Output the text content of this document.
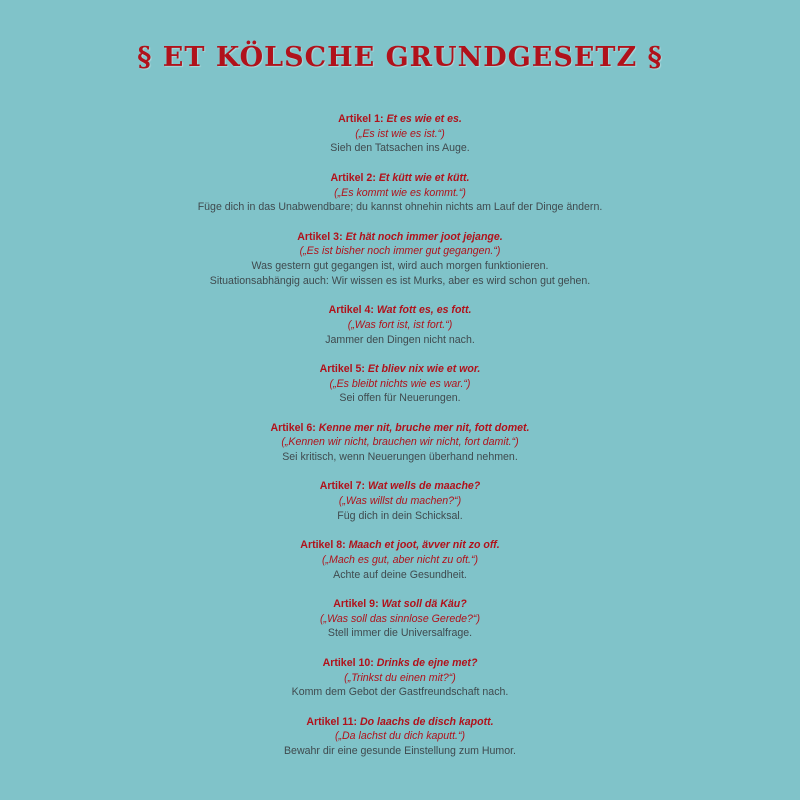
§ ET KÖLSCHE GRUNDGESETZ §
Artikel 1: Et es wie et es.
(„Es ist wie es ist.“)
Sieh den Tatsachen ins Auge.
Artikel 2: Et kütt wie et kütt.
(„Es kommt wie es kommt.“)
Füge dich in das Unabwendbare; du kannst ohnehin nichts am Lauf der Dinge ändern.
Artikel 3: Et hät noch immer joot jejange.
(„Es ist bisher noch immer gut gegangen.“)
Was gestern gut gegangen ist, wird auch morgen funktionieren.
Situationsabhängig auch: Wir wissen es ist Murks, aber es wird schon gut gehen.
Artikel 4: Wat fott es, es fott.
(„Was fort ist, ist fort.“)
Jammer den Dingen nicht nach.
Artikel 5: Et bliev nix wie et wor.
(„Es bleibt nichts wie es war.“)
Sei offen für Neuerungen.
Artikel 6: Kenne mer nit, bruche mer nit, fott domet.
(„Kennen wir nicht, brauchen wir nicht, fort damit.“)
Sei kritisch, wenn Neuerungen überhand nehmen.
Artikel 7: Wat wells de maache?
(„Was willst du machen?“)
Füg dich in dein Schicksal.
Artikel 8: Maach et joot, ävver nit zo off.
(„Mach es gut, aber nicht zu oft.“)
Achte auf deine Gesundheit.
Artikel 9: Wat soll dä Käu?
(„Was soll das sinnlose Gerede?“)
Stell immer die Universalfrage.
Artikel 10: Drinks de ejne met?
(„Trinkst du einen mit?“)
Komm dem Gebot der Gastfreundschaft nach.
Artikel 11: Do laachs de disch kapott.
(„Da lachst du dich kaputt.“)
Bewahr dir eine gesunde Einstellung zum Humor.
